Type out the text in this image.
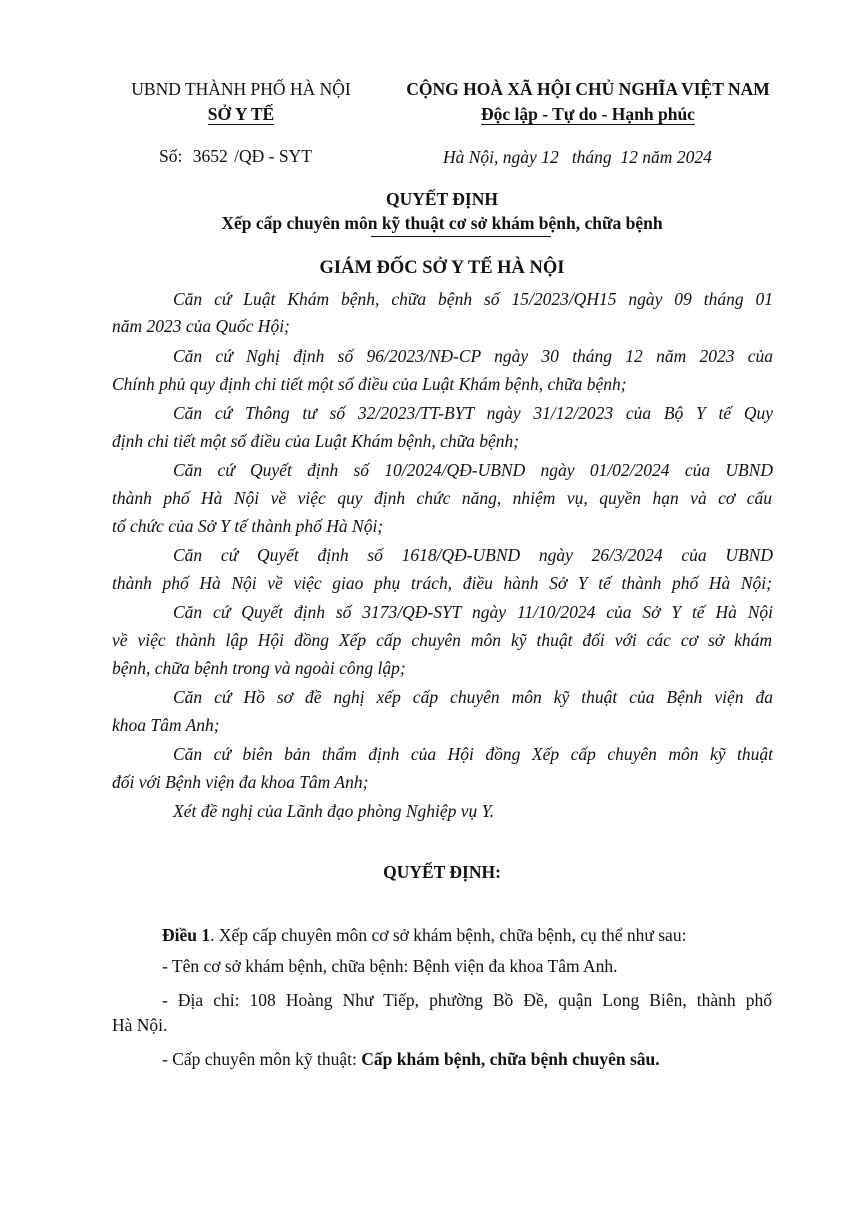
UBND THÀNH PHỐ HÀ NỘI
SỞ Y TẾ
CỘNG HOÀ XÃ HỘI CHỦ NGHĨA VIỆT NAM
Độc lập - Tự do - Hạnh phúc
Số: 3652 /QĐ - SYT	Hà Nội, ngày 12   tháng  12 năm 2024
QUYẾT ĐỊNH
Xếp cấp chuyên môn kỹ thuật cơ sở khám bệnh, chữa bệnh
GIÁM ĐỐC SỞ Y TẾ HÀ NỘI
Căn cứ Luật Khám bệnh, chữa bệnh số 15/2023/QH15 ngày 09 tháng 01
năm 2023 của Quốc Hội;
Căn cứ Nghị định số 96/2023/NĐ-CP ngày 30 tháng 12 năm 2023 của
Chính phủ quy định chi tiết một số điều của Luật Khám bệnh, chữa bệnh;
Căn cứ Thông tư số 32/2023/TT-BYT ngày 31/12/2023 của Bộ Y tế Quy
định chi tiết một số điều của Luật Khám bệnh, chữa bệnh;
Căn cứ Quyết định số 10/2024/QĐ-UBND ngày 01/02/2024 của UBND
thành phố Hà Nội về việc quy định chức năng, nhiệm vụ, quyền hạn và cơ cấu
tổ chức của Sở Y tế thành phố Hà Nội;
Căn cứ Quyết định số 1618/QĐ-UBND ngày 26/3/2024 của UBND
thành phố Hà Nội về việc giao phụ trách, điều hành Sở Y tế thành phố Hà Nội;
Căn cứ Quyết định số 3173/QĐ-SYT ngày 11/10/2024 của Sở Y tế Hà Nội
về việc thành lập Hội đồng Xếp cấp chuyên môn kỹ thuật đối với các cơ sở khám
bệnh, chữa bệnh trong và ngoài công lập;
Căn cứ Hồ sơ đề nghị xếp cấp chuyên môn kỹ thuật của Bệnh viện đa
khoa Tâm Anh;
Căn cứ biên bản thẩm định của Hội đồng Xếp cấp chuyên môn kỹ thuật
đối với Bệnh viện đa khoa Tâm Anh;
Xét đề nghị của Lãnh đạo phòng Nghiệp vụ Y.
QUYẾT ĐỊNH:
Điều 1. Xếp cấp chuyên môn cơ sở khám bệnh, chữa bệnh, cụ thể như sau:
- Tên cơ sở khám bệnh, chữa bệnh: Bệnh viện đa khoa Tâm Anh.
- Địa chỉ: 108 Hoàng Như Tiếp, phường Bồ Đề, quận Long Biên, thành phố
Hà Nội.
- Cấp chuyên môn kỹ thuật: Cấp khám bệnh, chữa bệnh chuyên sâu.
